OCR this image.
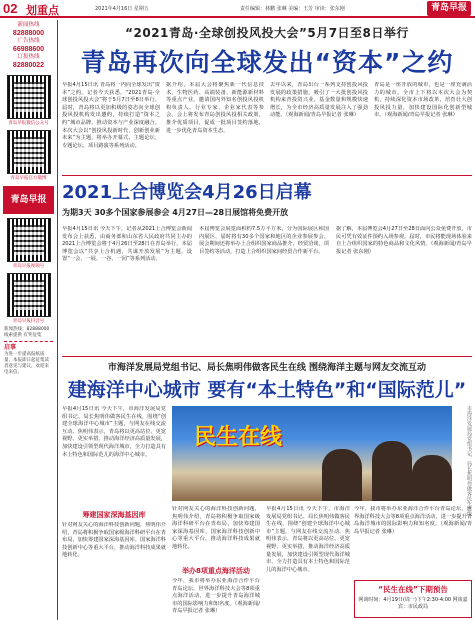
02 划重点	2021年4月16日 星期五	责任编辑：林鹏 张琳 美编：王芳 审读：张东刚	青岛早报
新闻热线
82888000
广告热线
66988600
订报热线
82880022
青岛早报微信公众号
青岛早报官方微博
青岛早报
青岛早报视频号
青岛早报抖音号
新闻热线：82888000 线索提供 有奖征集
启事
为进一步提高报纸质量，本报即日起征集读者意见与建议，欢迎来电来信。
“2021青岛·全球创投风投大会”5月7日至8日举行
青岛再次向全球发出“资本”之约
早报4月15日讯 青岛将一内向全球发出“资本”之约。记者今天获悉，“2021青岛·全球创投风投大会”将于5月7日至8日举行。届时，青岛将以更加积极的姿态向全球创投风投机构发出邀约，持续打造“资本之约”城市品牌，推动资本与产业深度融合。本次大会以“创投风投新时代，创新创业新未来”为主题，将举办开幕式、主题论坛、专题论坛、项目路演等系列活动。
据介绍，本届大会将聚焦新一代信息技术、生物医药、高端装备、新能源新材料等重点产业，邀请国内外知名创投风投机构负责人、行业专家、企业家代表等参会。会上将发布青岛创投风投相关政策，推介优质项目，促成一批项目签约落地，进一步优化青岛资本生态。
去年以来，青岛出台一系列支持创投风投发展的政策措施，吸引了一大批创投风投机构来青投资兴业，基金数量和规模快速增长，为全市经济高质量发展注入了强劲动能。（观海新闻/青岛早报记者 张琳）
青岛是一座开放的城市，也是一座充满活力的城市。全市上下将以本次大会为契机，持续深化资本市场改革，培育壮大创投风投力量，加快建设国际化创新型城市。（观海新闻/青岛早报记者 张琳）
2021上合博览会4月26日启幕
为期3天 30多个国家参展参会 4月27日—28日展馆将免费开放
早报4月15日讯 今天下午，记者从2021上合博览会新闻发布会上获悉，由商务部和山东省人民政府共同主办的2021上合博览会将于4月26日至28日在青岛举行，本届博览会以“共享上合机遇，共谋开放发展”为主题，设置“一会、一展、一谷、一园”等系列活动。
本届博览会展览面积约7.5万平方米，分为国际展区和国内展区，届时将有30多个国家和地区的企业参展参会。展会期间还将举办上合组织国家商品推介、经贸洽谈、项目签约等活动，打造上合组织国家间经贸合作新平台。
据了解，本届博览会4月27日至28日面向公众免费开放，市民可凭有效证件预约入场参观。届时，市民将能现场体验来自上合组织国家的特色商品和文化风情。（观海新闻/青岛早报记者 张东刚）
市海洋发展局党组书记、局长焦明伟做客民生在线 围绕海洋主题与网友交流互动
建海洋中心城市 要有“本土特色”和“国际范儿”
早报4月15日讯 今天下午，市海洋发展局党组书记、局长焦明伟做客民生在线，围绕“创建全球海洋中心城市”主题，与网友在线交流互动。焦明伟表示，青岛将以更高站位、更宽视野、更实举措，推动海洋经济高质量发展，加快建设引领型现代海洋城市，全力打造具有本土特色和国际范儿的海洋中心城市。
民生在线	市海洋发展局党组书记、局长焦明伟做客民生在线
筹建国家深海基因库
针对网友关心的海洋科技创新问题，焦明伟介绍，青岛将积极争取国家级海洋科研平台在青布局，加快筹建国家深海基因库、国家海洋科技创新中心等重大平台，推动海洋科技成果就地转化。
针对网友关心的海洋科技创新问题，焦明伟介绍，青岛将积极争取国家级海洋科研平台在青布局，加快筹建国家深海基因库、国家海洋科技创新中心等重大平台，推动海洋科技成果就地转化。
举办8项重点海洋活动
今年，我市将举办东亚海洋合作平台青岛论坛、世界海洋科技大会等8项重点海洋活动，进一步提升青岛海洋城市的国际影响力和知名度。（观海新闻/青岛早报记者 张琳）
早报4月15日讯 今天下午，市海洋发展局党组书记、局长焦明伟做客民生在线，围绕“创建全球海洋中心城市”主题，与网友在线交流互动。焦明伟表示，青岛将以更高站位、更宽视野、更实举措，推动海洋经济高质量发展，加快建设引领型现代海洋城市，全力打造具有本土特色和国际范儿的海洋中心城市。
今年，我市将举办东亚海洋合作平台青岛论坛、世界海洋科技大会等8项重点海洋活动，进一步提升青岛海洋城市的国际影响力和知名度。（观海新闻/青岛早报记者 张琳）
“民生在线”下期预告
网谈时间：4月19日(周一)下午2:30-4:00 网谈嘉宾：市民政局
